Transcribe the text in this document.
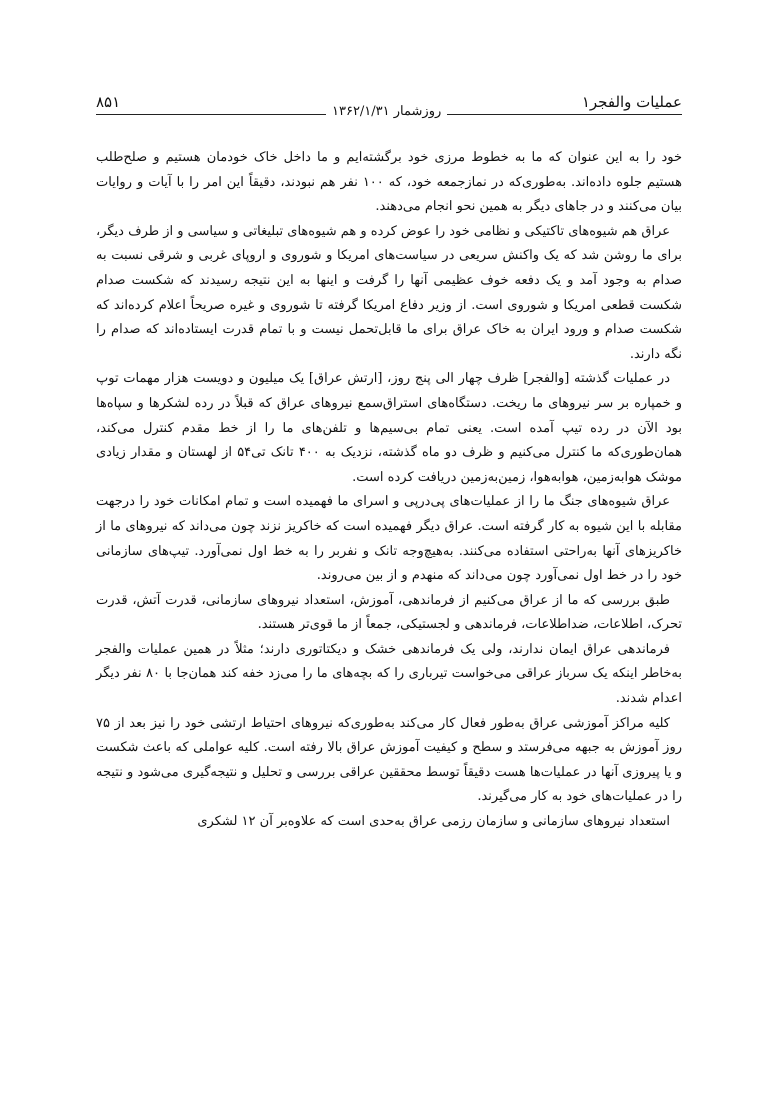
عملیات والفجر۱
روزشمار ۱۳۶۲/۱/۳۱
۸۵۱

خود را به این عنوان که ما به خطوط مرزی خود برگشته‌ایم و ما داخل خاک خودمان هستیم و صلح‌طلب هستیم جلوه داده‌اند. به‌طوری‌که در نمازجمعه خود، که ۱۰۰ نفر هم نبودند، دقیقاً این امر را با آیات و روایات بیان می‌کنند و در جاهای دیگر به همین نحو انجام می‌دهند.

عراق هم شیوه‌های تاکتیکی و نظامی خود را عوض کرده و هم شیوه‌های تبلیغاتی و سیاسی و از طرف دیگر، برای ما روشن شد که یک واکنش سریعی در سیاست‌های امریکا و شوروی و اروپای غربی و شرقی نسبت به صدام به وجود آمد و یک دفعه خوف عظیمی آنها را گرفت و اینها به این نتیجه رسیدند که شکست صدام شکست قطعی امریکا و شوروی است. از وزیر دفاع امریکا گرفته تا شوروی و غیره صریحاً اعلام کرده‌اند که شکست صدام و ورود ایران به خاک عراق برای ما قابل‌تحمل نیست و با تمام قدرت ایستاده‌اند که صدام را نگه دارند.

در عملیات گذشته [والفجر] ظرف چهار الی پنج روز، [ارتش عراق] یک میلیون و دویست هزار مهمات توپ و خمپاره بر سر نیروهای ما ریخت. دستگاه‌های استراق‌سمع نیروهای عراق که قبلاً در رده لشکرها و سپاه‌ها بود الآن در رده تیپ آمده است. یعنی تمام بی‌سیم‌ها و تلفن‌های ما را از خط مقدم کنترل می‌کند، همان‌طوری‌که ما کنترل می‌کنیم و ظرف دو ماه گذشته، نزدیک به ۴۰۰ تانک تی‌۵۴ از لهستان و مقدار زیادی موشک هوابه‌زمین، هوابه‌هوا، زمین‌به‌زمین دریافت کرده است.

عراق شیوه‌های جنگ ما را از عملیات‌های پی‌درپی و اسرای ما فهمیده است و تمام امکانات خود را درجهت مقابله با این شیوه به کار گرفته است. عراق دیگر فهمیده است که خاکریز نزند چون می‌داند که نیروهای ما از خاکریزهای آنها به‌راحتی استفاده می‌کنند. به‌هیچ‌وجه تانک و نفربر را به خط اول نمی‌آورد. تیپ‌های سازمانی خود را در خط اول نمی‌آورد چون می‌داند که منهدم و از بین می‌روند.

طبق بررسی که ما از عراق می‌کنیم از فرماندهی، آموزش، استعداد نیروهای سازمانی، قدرت آتش، قدرت تحرک، اطلاعات، ضداطلاعات، فرماندهی و لجستیکی، جمعاً از ما قوی‌تر هستند.

فرماندهی عراق ایمان ندارند، ولی یک فرماندهی خشک و دیکتاتوری دارند؛ مثلاً در همین عملیات والفجر به‌خاطر اینکه یک سرباز عراقی می‌خواست تیرباری را که بچه‌های ما را می‌زد خفه کند همان‌جا با ۸۰ نفر دیگر اعدام شدند.

کلیه مراکز آموزشی عراق به‌طور فعال کار می‌کند به‌طوری‌که نیروهای احتیاط ارتشی خود را نیز بعد از ۷۵ روز آموزش به جبهه می‌فرستد و سطح و کیفیت آموزش عراق بالا رفته است. کلیه عواملی که باعث شکست و یا پیروزی آنها در عملیات‌ها هست دقیقاً توسط محققین عراقی بررسی و تحلیل و نتیجه‌گیری می‌شود و نتیجه را در عملیات‌های خود به کار می‌گیرند.

استعداد نیروهای سازمانی و سازمان رزمی عراق به‌حدی است که علاوه‌بر آن ۱۲ لشکری
